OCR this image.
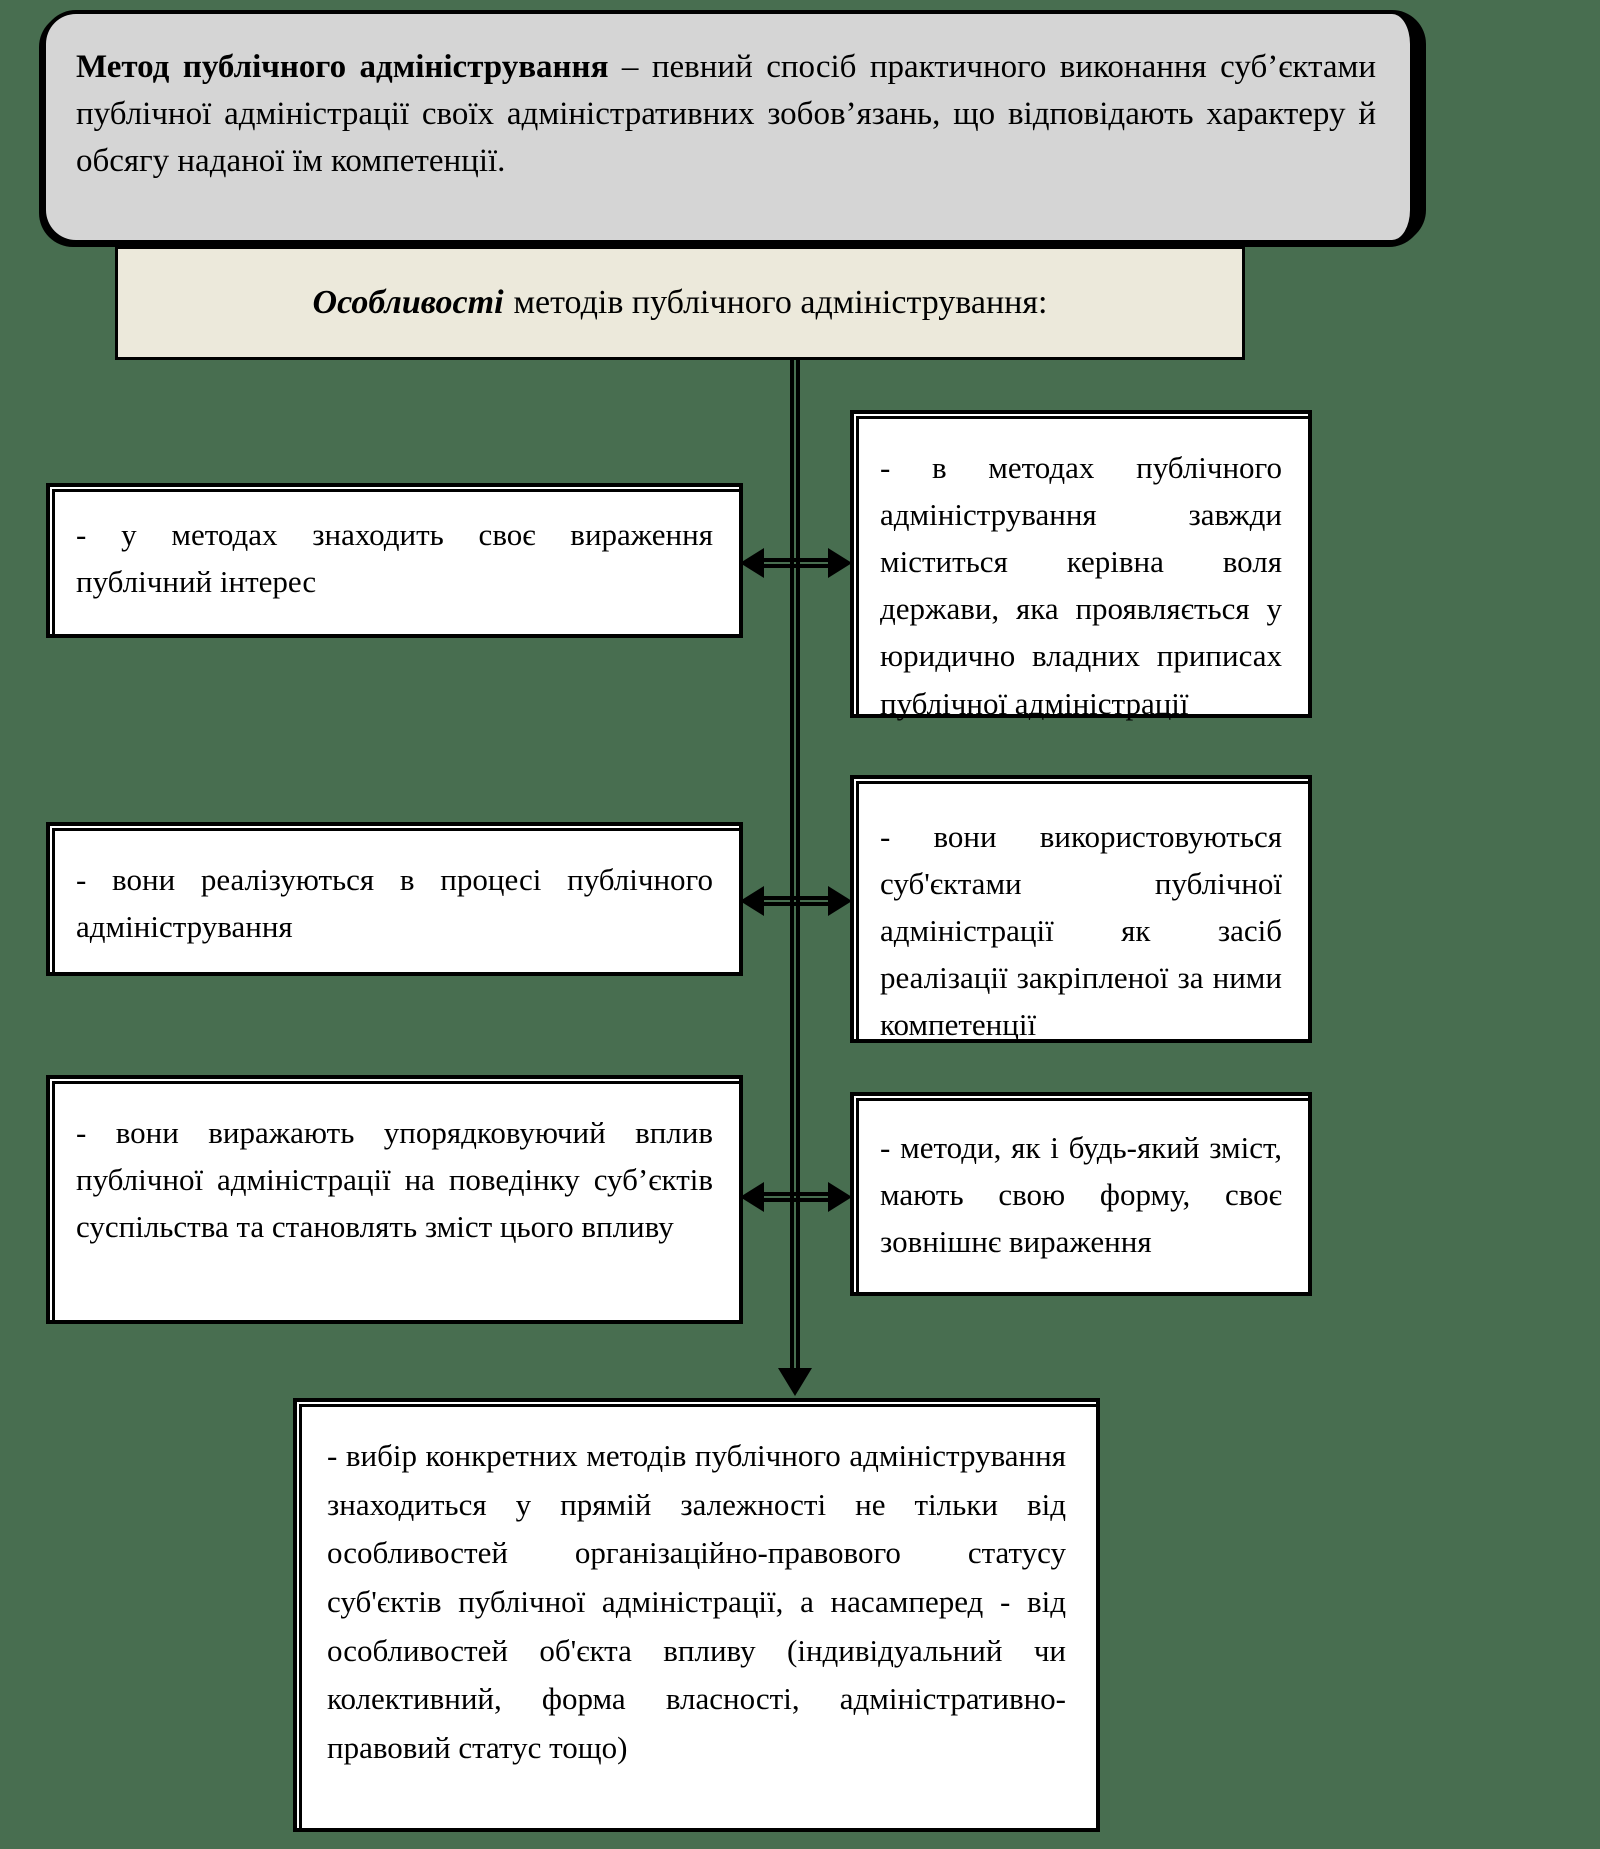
Метод публічного адміністрування – певний спосіб практичного виконання суб’єктами публічної адміністрації своїх адміністративних зобов’язань, що відповідають характеру й обсягу наданої їм компетенції.
Особливості методів публічного адміністрування:
- у методах знаходить своє вираження публічний інтерес
- в методах публічного адміністрування завжди міститься керівна воля держави, яка проявляється у юридично владних приписах публічної адміністрації
- вони реалізуються в процесі публічного адміністрування
- вони використовуються суб'єктами публічної адміністрації як засіб реалізації закріпленої за ними компетенції
- вони виражають упорядковуючий вплив публічної адміністрації на поведінку суб’єктів суспільства та становлять зміст цього впливу
- методи, як і будь-який зміст, мають свою форму, своє зовнішнє вираження
- вибір конкретних методів публічного адміністрування знаходиться у прямій залежності не тільки від особливостей організаційно-правового статусу суб'єктів публічної адміністрації, а насамперед - від особливостей об'єкта впливу (індивідуальний чи колективний, форма власності, адміністративно-правовий статус тощо)
